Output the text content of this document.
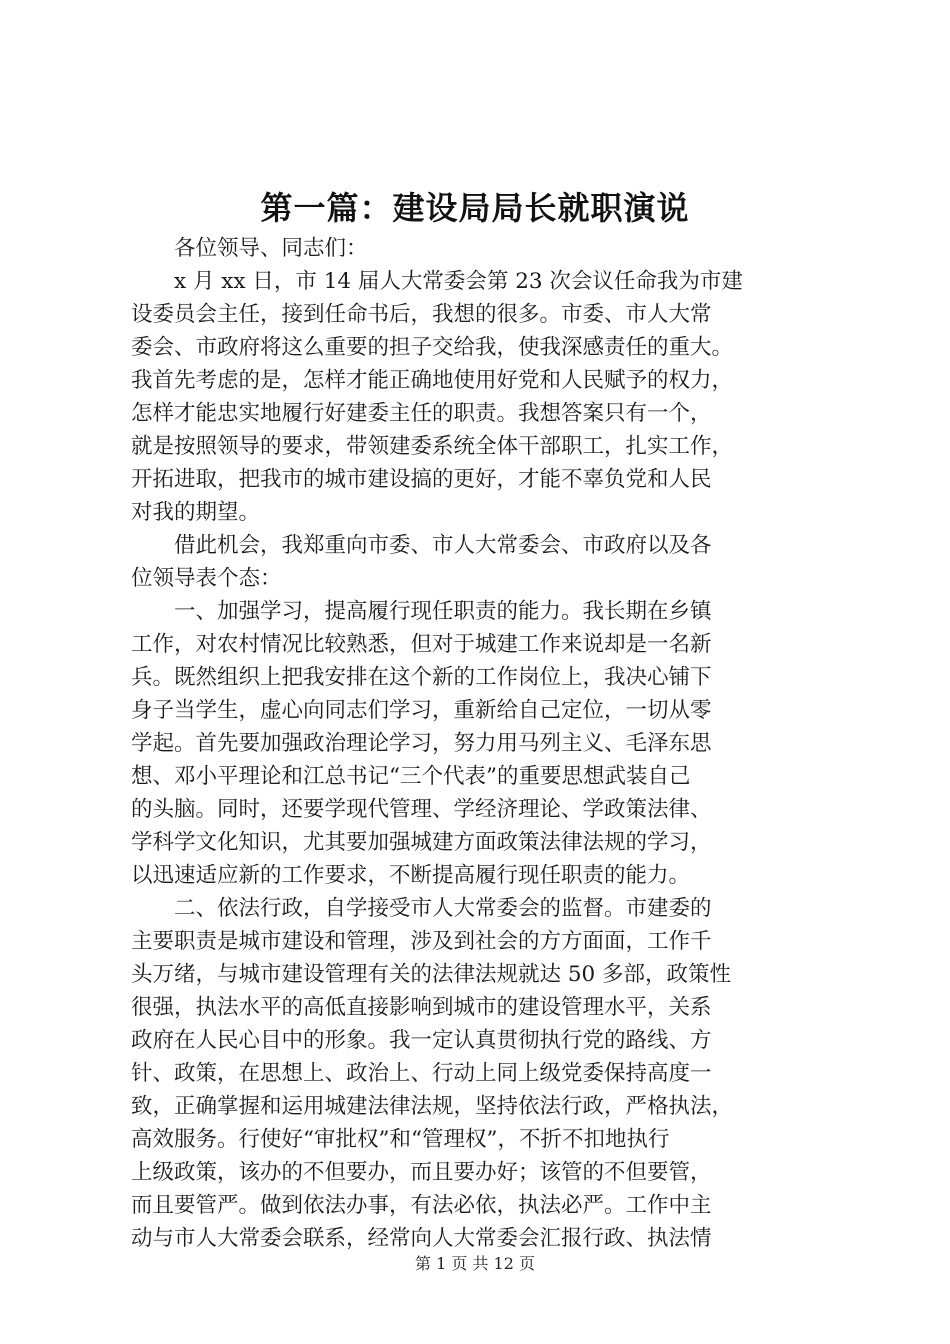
第一篇：建设局局长就职演说
各位领导、同志们：
x 月 xx 日，市 14 届人大常委会第 23 次会议任命我为市建
设委员会主任，接到任命书后，我想的很多。市委、市人大常
委会、市政府将这么重要的担子交给我，使我深感责任的重大。
我首先考虑的是，怎样才能正确地使用好党和人民赋予的权力，
怎样才能忠实地履行好建委主任的职责。我想答案只有一个，
就是按照领导的要求，带领建委系统全体干部职工，扎实工作，
开拓进取，把我市的城市建设搞的更好，才能不辜负党和人民
对我的期望。
借此机会，我郑重向市委、市人大常委会、市政府以及各
位领导表个态：
一、加强学习，提高履行现任职责的能力。我长期在乡镇
工作，对农村情况比较熟悉，但对于城建工作来说却是一名新
兵。既然组织上把我安排在这个新的工作岗位上，我决心铺下
身子当学生，虚心向同志们学习，重新给自己定位，一切从零
学起。首先要加强政治理论学习，努力用马列主义、毛泽东思
想、邓小平理论和江总书记“三个代表”的重要思想武装自己
的头脑。同时，还要学现代管理、学经济理论、学政策法律、
学科学文化知识，尤其要加强城建方面政策法律法规的学习，
以迅速适应新的工作要求，不断提高履行现任职责的能力。
二、依法行政，自学接受市人大常委会的监督。市建委的
主要职责是城市建设和管理，涉及到社会的方方面面，工作千
头万绪，与城市建设管理有关的法律法规就达 50 多部，政策性
很强，执法水平的高低直接影响到城市的建设管理水平，关系
政府在人民心目中的形象。我一定认真贯彻执行党的路线、方
针、政策，在思想上、政治上、行动上同上级党委保持高度一
致，正确掌握和运用城建法律法规，坚持依法行政，严格执法，
高效服务。行使好“审批权”和“管理权”，不折不扣地执行
上级政策，该办的不但要办，而且要办好；该管的不但要管，
而且要管严。做到依法办事，有法必依，执法必严。工作中主
动与市人大常委会联系，经常向人大常委会汇报行政、执法情
第 1 页 共 12 页
